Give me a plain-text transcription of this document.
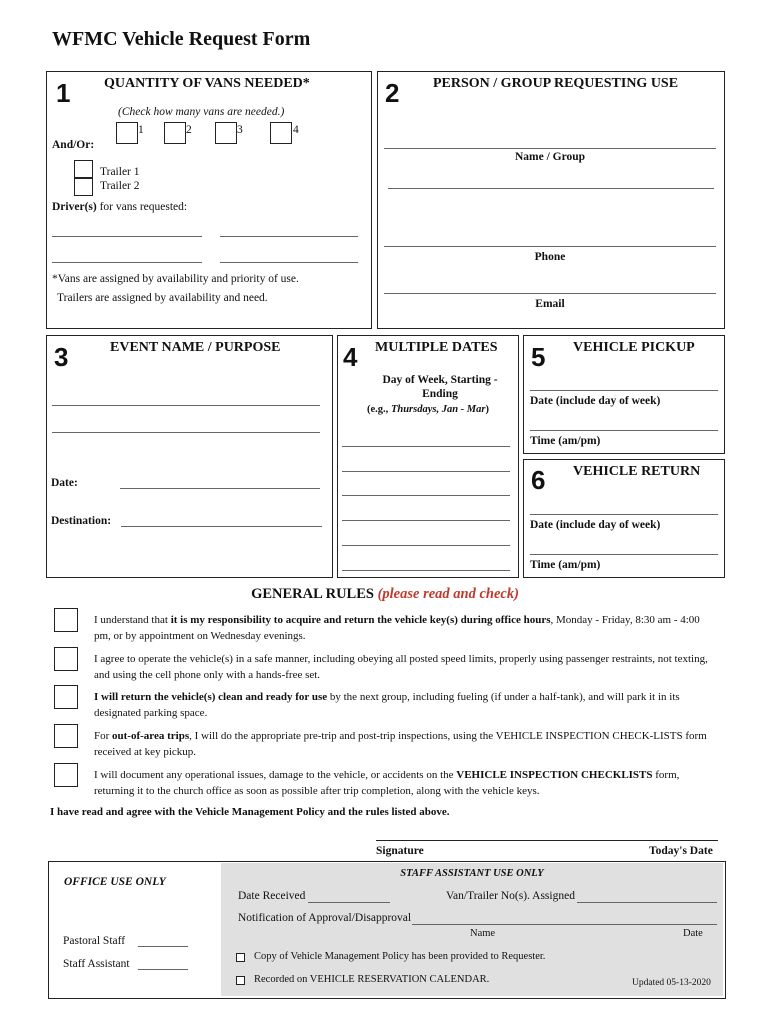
WFMC Vehicle Request Form
1 QUANTITY OF VANS NEEDED*
(Check how many vans are needed.)
1	2	3	4
And/Or:
Trailer 1
Trailer 2
Driver(s) for vans requested:
*Vans are assigned by availability and priority of use.
Trailers are assigned by availability and need.
2 PERSON / GROUP REQUESTING USE
Name / Group
Phone
Email
3	EVENT NAME / PURPOSE
Date:
Destination:
4 MULTIPLE DATES
Day of Week, Starting - Ending
(e.g., Thursdays, Jan - Mar)
5 VEHICLE PICKUP
Date (include day of week)
Time (am/pm)
6 VEHICLE RETURN
Date (include day of week)
Time (am/pm)
GENERAL RULES (please read and check)
I understand that it is my responsibility to acquire and return the vehicle key(s) during office hours, Monday - Friday, 8:30 am - 4:00 pm, or by appointment on Wednesday evenings.
I agree to operate the vehicle(s) in a safe manner, including obeying all posted speed limits, properly using passenger restraints, not texting, and using the cell phone only with a hands-free set.
I will return the vehicle(s) clean and ready for use by the next group, including fueling (if under a half-tank), and will park it in its designated parking space.
For out-of-area trips, I will do the appropriate pre-trip and post-trip inspections, using the VEHICLE INSPECTION CHECK-LISTS form received at key pickup.
I will document any operational issues, damage to the vehicle, or accidents on the VEHICLE INSPECTION CHECKLISTS form, returning it to the church office as soon as possible after trip completion, along with the vehicle keys.
I have read and agree with the Vehicle Management Policy and the rules listed above.
Signature	Today's Date
OFFICE USE ONLY
Pastoral Staff
Staff Assistant
STAFF ASSISTANT USE ONLY
Date Received	Van/Trailer No(s). Assigned
Notification of Approval/Disapproval
Name	Date
Copy of Vehicle Management Policy has been provided to Requester.
Recorded on VEHICLE RESERVATION CALENDAR.	Updated 05-13-2020
